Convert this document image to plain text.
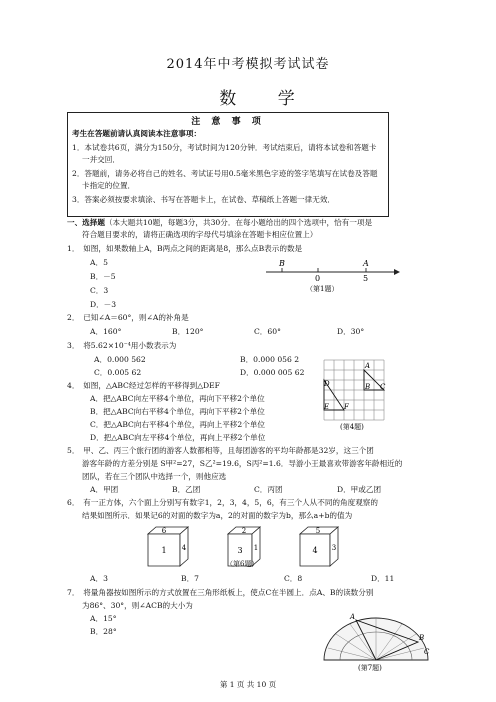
2014年中考模拟考试试卷
数 学
注 意 事 项
考生在答题前请认真阅读本注意事项：
1．本试卷共6页，满分为150分，考试时间为120分钟．考试结束后，请将本试卷和答题卡
一并交回．
2．答题前，请务必将自己的姓名、考试证号用0.5毫米黑色字迹的签字笔填写在试卷及答题
卡指定的位置．
3．答案必须按要求填涂、书写在答题卡上，在试卷、草稿纸上答题一律无效．
一、选择题（本大题共10题，每题3分，共30分．在每小题给出的四个选项中，恰有一项是
符合题目要求的，请将正确选项的字母代号填涂在答题卡相应位置上）
1．　如图，如果数轴上A，B两点之间的距离是8，那么点B表示的数是
A．5
B．－5
C．3
D．－3
B	A
0	5
（第1题）
2．　已知∠A＝60°，则∠A的补角是
A．160°	B．120°	C．60°	D．30°
3．　将5.62×10⁻⁴用小数表示为
A．0.000 562	B．0.000 056 2
C．0.005 62	D．0.000 005 62
4．　如图，△ABC经过怎样的平移得到△DEF
A．把△ABC向左平移4个单位，再向下平移2个单位
B．把△ABC向右平移4个单位，再向下平移2个单位
C．把△ABC向右平移4个单位，再向上平移2个单位
D．把△ABC向左平移4个单位，再向上平移2个单位
A
B C
D
E F
(第4题)
5．　甲、乙、丙三个旅行团的游客人数都相等，且每团游客的平均年龄都是32岁，这三个团
游客年龄的方差分别是 S甲²=27，S乙²=19.6，S丙²=1.6．导游小王最喜欢带游客年龄相近的
团队，若在三个团队中选择一个，则他应选
A．甲团	B．乙团	C．丙团	D．甲或乙团
6．　有一正方体，六个面上分别写有数字1，2，3，4，5，6，有三个人从不同的角度观察的
结果如图所示．如果记6的对面的数字为a，2的对面的数字为b，那么a+b的值为
6
1 4
2
3 1
5
4 3
（第6题）
A．3	B．7	C．8	D．11
7．　将量角器按如图所示的方式放置在三角形纸板上，使点C在半圆上．点A、B的读数分别
为86°、30°，则∠ACB的大小为
A．15°
B．28°
A
B
C
(第7题)
第 1 页 共 10 页
